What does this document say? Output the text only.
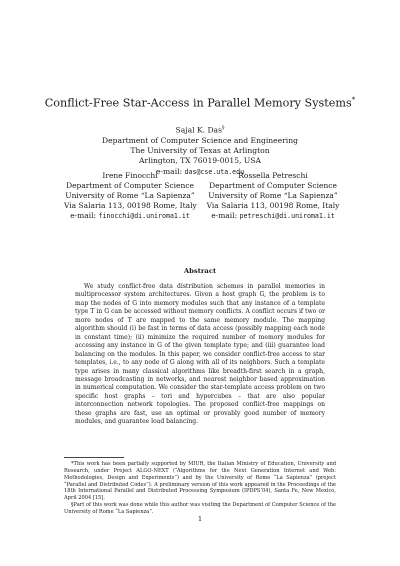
Conflict-Free Star-Access in Parallel Memory Systems*
Sajal K. Das§
Department of Computer Science and Engineering
The University of Texas at Arlington
Arlington, TX 76019-0015, USA
e-mail: das@cse.uta.edu
Irene Finocchi
Department of Computer Science
University of Rome “La Sapienza”
Via Salaria 113, 00198 Rome, Italy
e-mail: finocchi@di.uniroma1.it
Rossella Petreschi
Department of Computer Science
University of Rome “La Sapienza”
Via Salaria 113, 00198 Rome, Italy
e-mail: petreschi@di.uniroma1.it
Abstract
We study conflict-free data distribution schemes in parallel memories in multiprocessor system architectures. Given a host graph G, the problem is to map the nodes of G into memory modules such that any instance of a template type T in G can be accessed without memory conflicts. A conflict occurs if two or more nodes of T are mapped to the same memory module. The mapping algorithm should (i) be fast in terms of data access (possibly mapping each node in constant time); (ii) minimize the required number of memory modules for accessing any instance in G of the given template type; and (iii) guarantee load balancing on the modules. In this paper, we consider conflict-free access to star templates, i.e., to any node of G along with all of its neighbors. Such a template type arises in many classical algorithms like breadth-first search in a graph, message broadcasting in networks, and nearest neighbor based approximation in numerical computation. We consider the star-template access problem on two specific host graphs – tori and hypercubes – that are also popular interconnection network topologies. The proposed conflict-free mappings on these graphs are fast, use an optimal or provably good number of memory modules, and guarantee load balancing.

*This work has been partially supported by MIUR, the Italian Ministry of Education, University and Research, under Project ALGO-NEXT (“Algorithms for the Next Generation Internet and Web: Methodologies, Design and Experiments”) and by the University of Rome “La Sapienza” (project “Parallel and Distributed Codes”). A preliminary version of this work appeared in the Proceedings of the 18th International Parallel and Distributed Processing Symposium (IPDPS’04), Santa Fe, New Mexico, April 2004 [15].

§Part of this work was done while this author was visiting the Department of Computer Science of the University of Rome “La Sapienza”.

1
